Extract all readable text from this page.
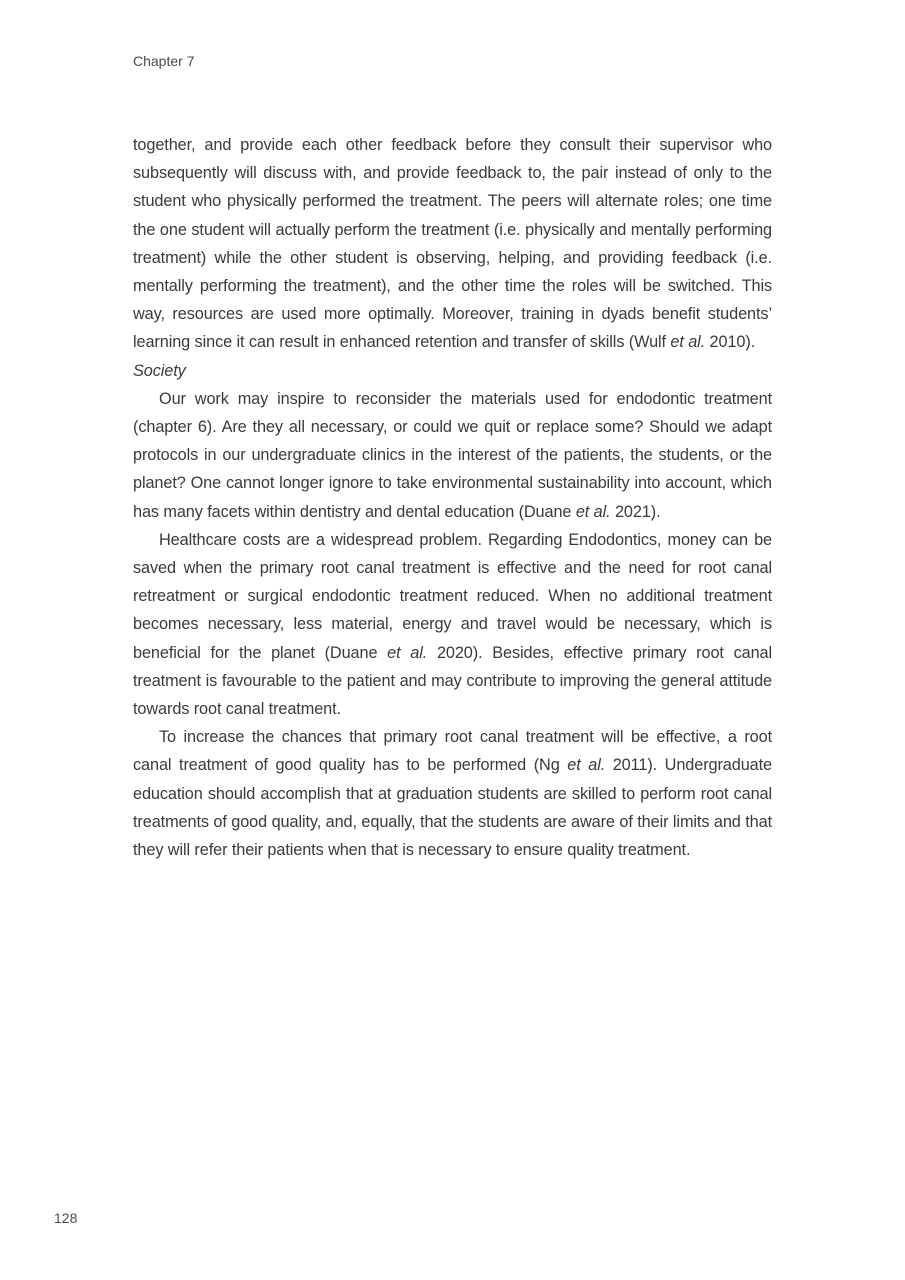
Chapter 7

together, and provide each other feedback before they consult their supervisor who subsequently will discuss with, and provide feedback to, the pair instead of only to the student who physically performed the treatment. The peers will alternate roles; one time the one student will actually perform the treatment (i.e. physically and mentally performing treatment) while the other student is observing, helping, and providing feedback (i.e. mentally performing the treatment), and the other time the roles will be switched. This way, resources are used more optimally. Moreover, training in dyads benefit students’ learning since it can result in enhanced retention and transfer of skills (Wulf et al. 2010).

Society

Our work may inspire to reconsider the materials used for endodontic treatment (chapter 6). Are they all necessary, or could we quit or replace some? Should we adapt protocols in our undergraduate clinics in the interest of the patients, the students, or the planet? One cannot longer ignore to take environmental sustainability into account, which has many facets within dentistry and dental education (Duane et al. 2021).

Healthcare costs are a widespread problem. Regarding Endodontics, money can be saved when the primary root canal treatment is effective and the need for root canal retreatment or surgical endodontic treatment reduced. When no additional treatment becomes necessary, less material, energy and travel would be necessary, which is beneficial for the planet (Duane et al. 2020). Besides, effective primary root canal treatment is favourable to the patient and may contribute to improving the general attitude towards root canal treatment.

To increase the chances that primary root canal treatment will be effective, a root canal treatment of good quality has to be performed (Ng et al. 2011). Undergraduate education should accomplish that at graduation students are skilled to perform root canal treatments of good quality, and, equally, that the students are aware of their limits and that they will refer their patients when that is necessary to ensure quality treatment.

128
